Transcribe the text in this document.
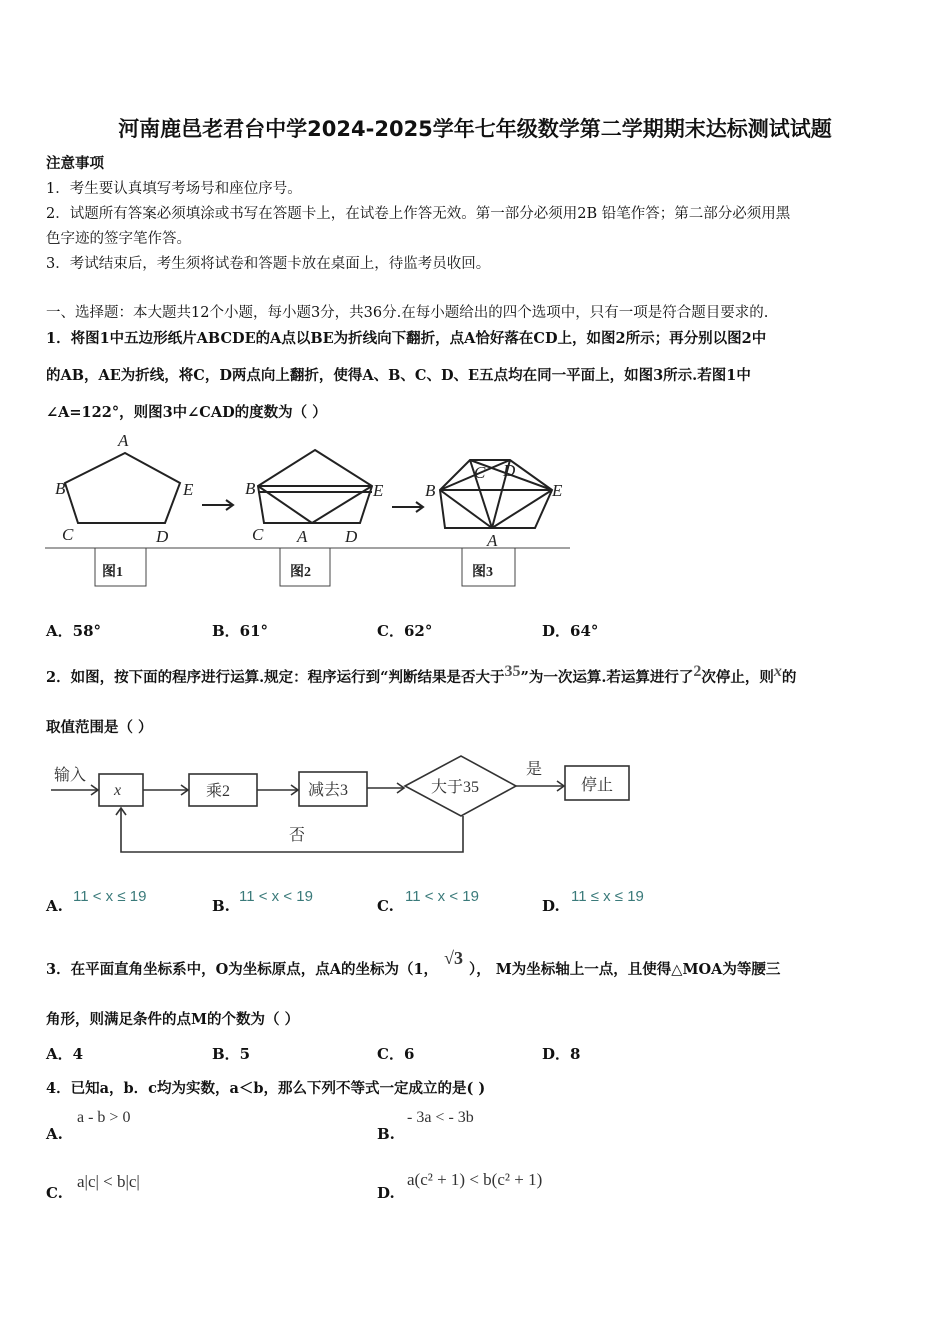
河南鹿邑老君台中学2024-2025学年七年级数学第二学期期末达标测试试题
注意事项
1．考生要认真填写考场号和座位序号。
2．试题所有答案必须填涂或书写在答题卡上，在试卷上作答无效。第一部分必须用2B 铅笔作答；第二部分必须用黑
色字迹的签字笔作答。
3．考试结束后，考生须将试卷和答题卡放在桌面上，待监考员收回。
一、选择题：本大题共12个小题，每小题3分，共36分.在每小题给出的四个选项中，只有一项是符合题目要求的.
1．将图1中五边形纸片ABCDE的A点以BE为折线向下翻折，点A恰好落在CD上，如图2所示；再分别以图2中
的AB，AE为折线，将C，D两点向上翻折，使得A、B、C、D、E五点均在同一平面上，如图3所示.若图1中
∠A=122°，则图3中∠CAD的度数为（ ）
A
B	E
C	D
B	E
C A D
B	E
C D
A
图1	图2	图3
A．58°	B．61°	C．62°	D．64°
2．如图，按下面的程序进行运算.规定：程序运行到“判断结果是否大于35”为一次运算.若运算进行了2次停止，则x的
取值范围是（ ）
输入
x	乘2	减去3	大于35
是
停止
否
A.
11 < x ≤ 19
B.
11 < x < 19
C.
11 < x < 19
D.
11 ≤ x ≤ 19
3．在平面直角坐标系中，O为坐标原点，点A的坐标为（1，√3）， M为坐标轴上一点，且使得△MOA为等腰三
角形，则满足条件的点M的个数为（ ）
A．4	B．5	C．6	D．8
4．已知a，b．c均为实数，a＜b，那么下列不等式一定成立的是( )
A.
a - b > 0
B.
- 3a < - 3b
C.
a|c| < b|c|
D.
a(c² + 1) < b(c² + 1)
